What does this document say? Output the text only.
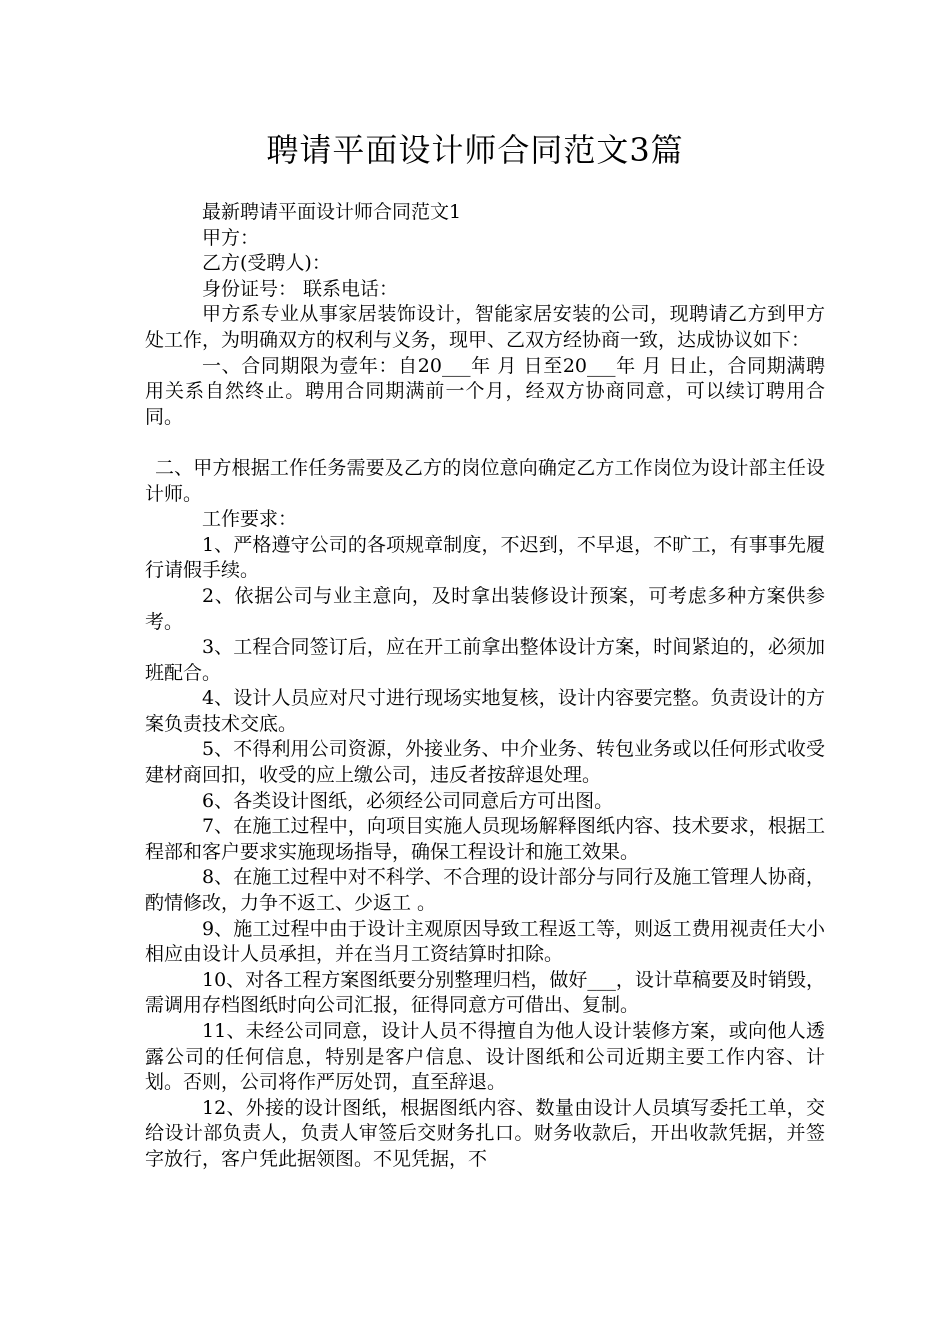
聘请平面设计师合同范文3篇

最新聘请平面设计师合同范文1

甲方：

乙方(受聘人)：

身份证号： 联系电话：

甲方系专业从事家居装饰设计，智能家居安装的公司，现聘请乙方到甲方处工作，为明确双方的权利与义务，现甲、乙双方经协商一致，达成协议如下：

一、合同期限为壹年：自20___年 月 日至20___年 月 日止，合同期满聘用关系自然终止。聘用合同期满前一个月，经双方协商同意，可以续订聘用合同。

二、甲方根据工作任务需要及乙方的岗位意向确定乙方工作岗位为设计部主任设计师。

工作要求：

1、严格遵守公司的各项规章制度，不迟到，不早退，不旷工，有事事先履行请假手续。

2、依据公司与业主意向，及时拿出装修设计预案，可考虑多种方案供参考。

3、工程合同签订后，应在开工前拿出整体设计方案，时间紧迫的，必须加班配合。

4、设计人员应对尺寸进行现场实地复核，设计内容要完整。负责设计的方案负责技术交底。

5、不得利用公司资源，外接业务、中介业务、转包业务或以任何形式收受建材商回扣，收受的应上缴公司，违反者按辞退处理。

6、各类设计图纸，必须经公司同意后方可出图。

7、在施工过程中，向项目实施人员现场解释图纸内容、技术要求，根据工程部和客户要求实施现场指导，确保工程设计和施工效果。

8、在施工过程中对不科学、不合理的设计部分与同行及施工管理人协商，酌情修改，力争不返工、少返工 。

9、施工过程中由于设计主观原因导致工程返工等，则返工费用视责任大小相应由设计人员承担，并在当月工资结算时扣除。

10、对各工程方案图纸要分别整理归档，做好___，设计草稿要及时销毁，需调用存档图纸时向公司汇报，征得同意方可借出、复制。

11、未经公司同意，设计人员不得擅自为他人设计装修方案，或向他人透露公司的任何信息，特别是客户信息、设计图纸和公司近期主要工作内容、计划。否则，公司将作严厉处罚，直至辞退。

12、外接的设计图纸，根据图纸内容、数量由设计人员填写委托工单，交给设计部负责人，负责人审签后交财务扎口。财务收款后，开出收款凭据，并签字放行，客户凭此据领图。不见凭据，不
